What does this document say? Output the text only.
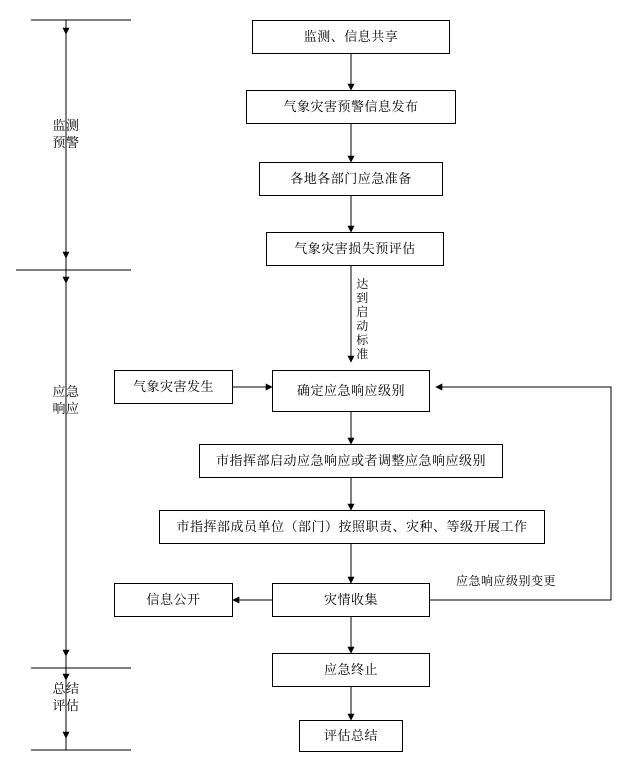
监测
预警
应急
响应
总结
评估
监测、信息共享
气象灾害预警信息发布
各地各部门应急准备
气象灾害损失预评估
气象灾害发生	确定应急响应级别
市指挥部启动应急响应或者调整应急响应级别
市指挥部成员单位（部门）按照职责、灾种、等级开展工作
信息公开	灾情收集
应急终止
评估总结
达
到
启
动
标
准
应急响应级别变更
